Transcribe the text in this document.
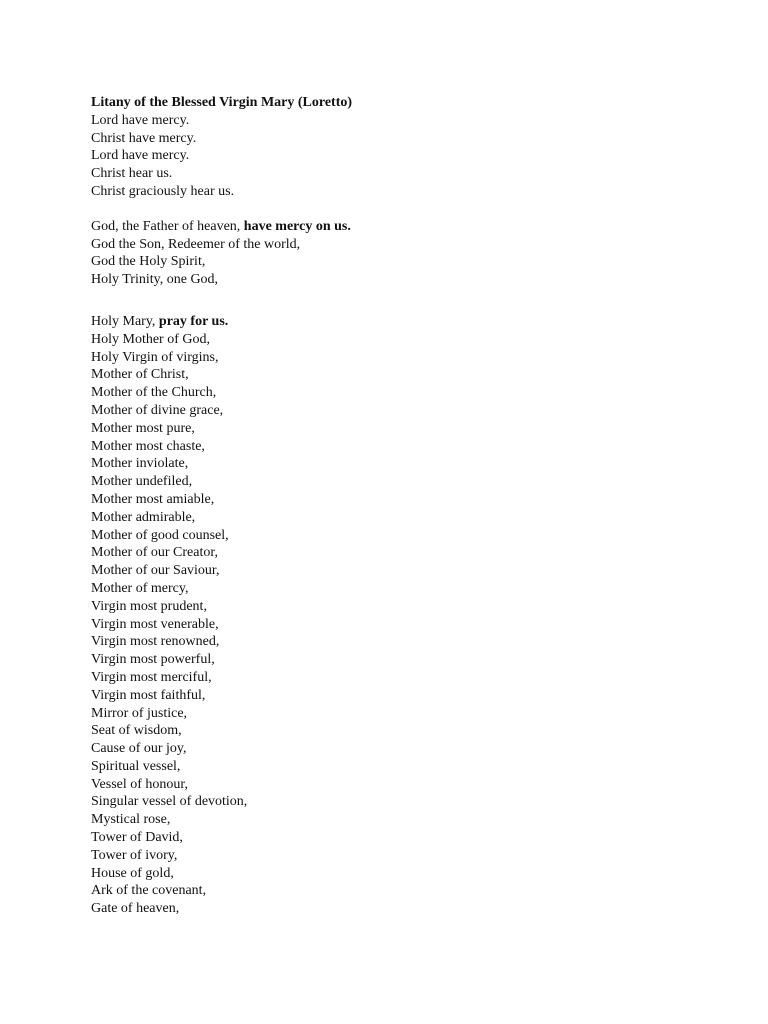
Litany of the Blessed Virgin Mary (Loretto)
Lord have mercy.
Christ have mercy.
Lord have mercy.
Christ hear us.
Christ graciously hear us.
God, the Father of heaven, have mercy on us.
God the Son, Redeemer of the world,
God the Holy Spirit,
Holy Trinity, one God,
Holy Mary, pray for us.
Holy Mother of God,
Holy Virgin of virgins,
Mother of Christ,
Mother of the Church,
Mother of divine grace,
Mother most pure,
Mother most chaste,
Mother inviolate,
Mother undefiled,
Mother most amiable,
Mother admirable,
Mother of good counsel,
Mother of our Creator,
Mother of our Saviour,
Mother of mercy,
Virgin most prudent,
Virgin most venerable,
Virgin most renowned,
Virgin most powerful,
Virgin most merciful,
Virgin most faithful,
Mirror of justice,
Seat of wisdom,
Cause of our joy,
Spiritual vessel,
Vessel of honour,
Singular vessel of devotion,
Mystical rose,
Tower of David,
Tower of ivory,
House of gold,
Ark of the covenant,
Gate of heaven,
